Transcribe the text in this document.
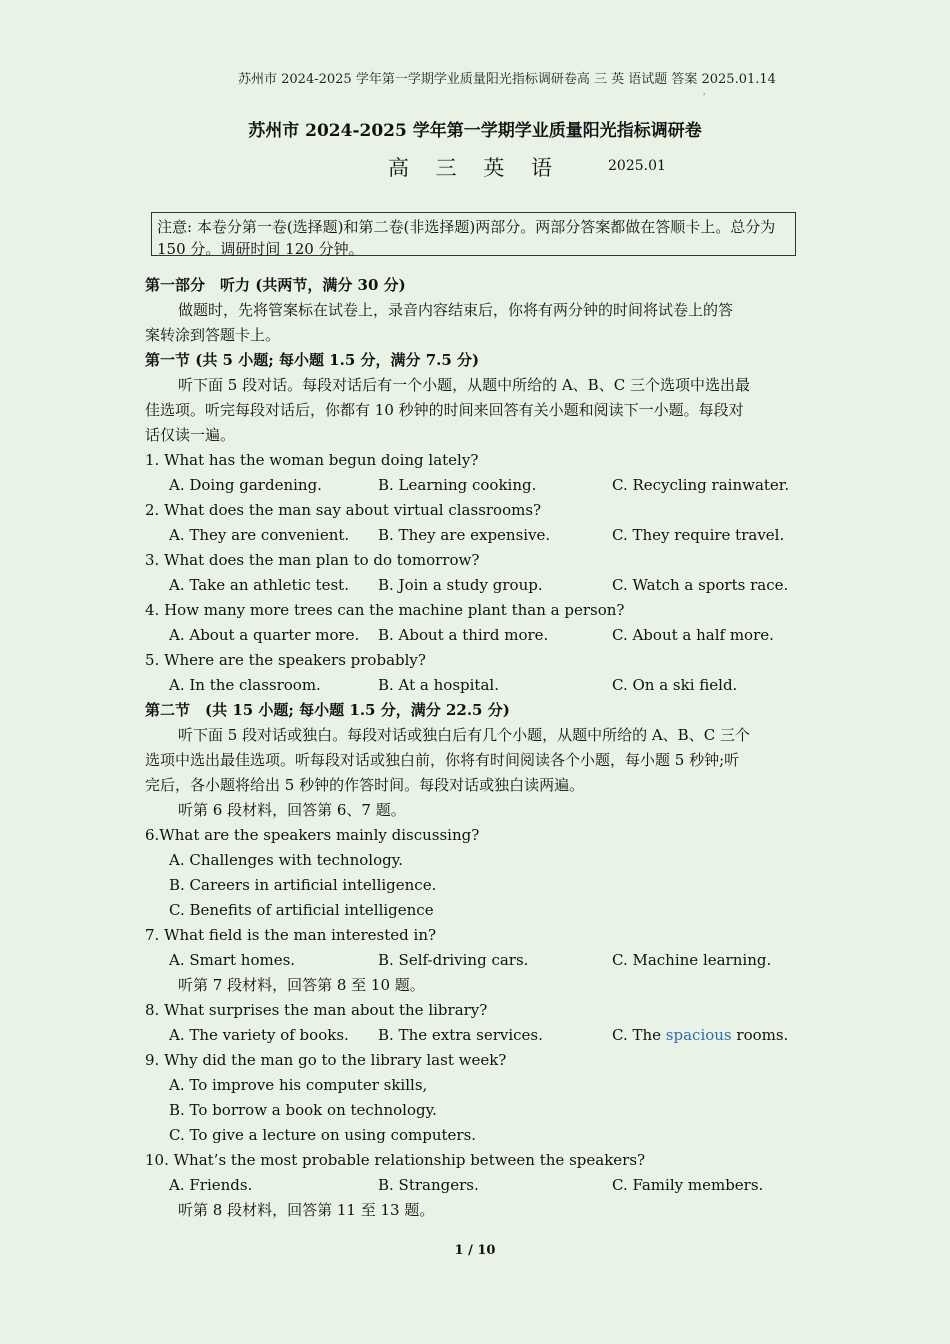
苏州市 2024-2025 学年第一学期学业质量阳光指标调研卷高 三 英 语试题 答案 2025.01.14
'
苏州市 2024-2025 学年第一学期学业质量阳光指标调研卷
高 三 英 语	2025.01
注意: 本卷分第一卷(选择题)和第二卷(非选择题)两部分。两部分答案都做在答顺卡上。总分为 150 分。调研时间 120 分钟。
第一部分　听力 (共两节，满分 30 分)
做题时，先将管案标在试卷上，录音内容结束后，你将有两分钟的时间将试卷上的答
案转涂到答题卡上。
第一节 (共 5 小题; 每小题 1.5 分，满分 7.5 分)
听下面 5 段对话。每段对话后有一个小题，从题中所给的 A、B、C 三个选项中选出最
佳选项。听完每段对话后，你都有 10 秒钟的时间来回答有关小题和阅读下一小题。每段对
话仅读一遍。
1. What has the woman begun doing lately?
A. Doing gardening.	B. Learning cooking.	C. Recycling rainwater.
2. What does the man say about virtual classrooms?
A. They are convenient. B. They are expensive.	C. They require travel.
3. What does the man plan to do tomorrow?
A. Take an athletic test. B. Join a study group.	C. Watch a sports race.
4. How many more trees can the machine plant than a person?
A. About a quarter more. B. About a third more.	C. About a half more.
5. Where are the speakers probably?
A. In the classroom.	B. At a hospital.	C. On a ski field.
第二节　(共 15 小题; 每小题 1.5 分，满分 22.5 分)
听下面 5 段对话或独白。每段对话或独白后有几个小题，从题中所给的 A、B、C 三个
选项中选出最佳选项。听每段对话或独白前，你将有时间阅读各个小题，每小题 5 秒钟;听
完后，各小题将给出 5 秒钟的作答时间。每段对话或独白读两遍。
听第 6 段材料，回答第 6、7 题。
6.What are the speakers mainly discussing?
A. Challenges with technology.
B. Careers in artificial intelligence.
C. Benefits of artificial intelligence
7. What field is the man interested in?
A. Smart homes.	B. Self-driving cars.	C. Machine learning.
听第 7 段材料，回答第 8 至 10 题。
8. What surprises the man about the library?
A. The variety of books. B. The extra services.	C. The spacious rooms.
9. Why did the man go to the library last week?
A. To improve his computer skills,
B. To borrow a book on technology.
C. To give a lecture on using computers.
10. What’s the most probable relationship between the speakers?
A. Friends.	B. Strangers.	C. Family members.
听第 8 段材料，回答第 11 至 13 题。
1 / 10
